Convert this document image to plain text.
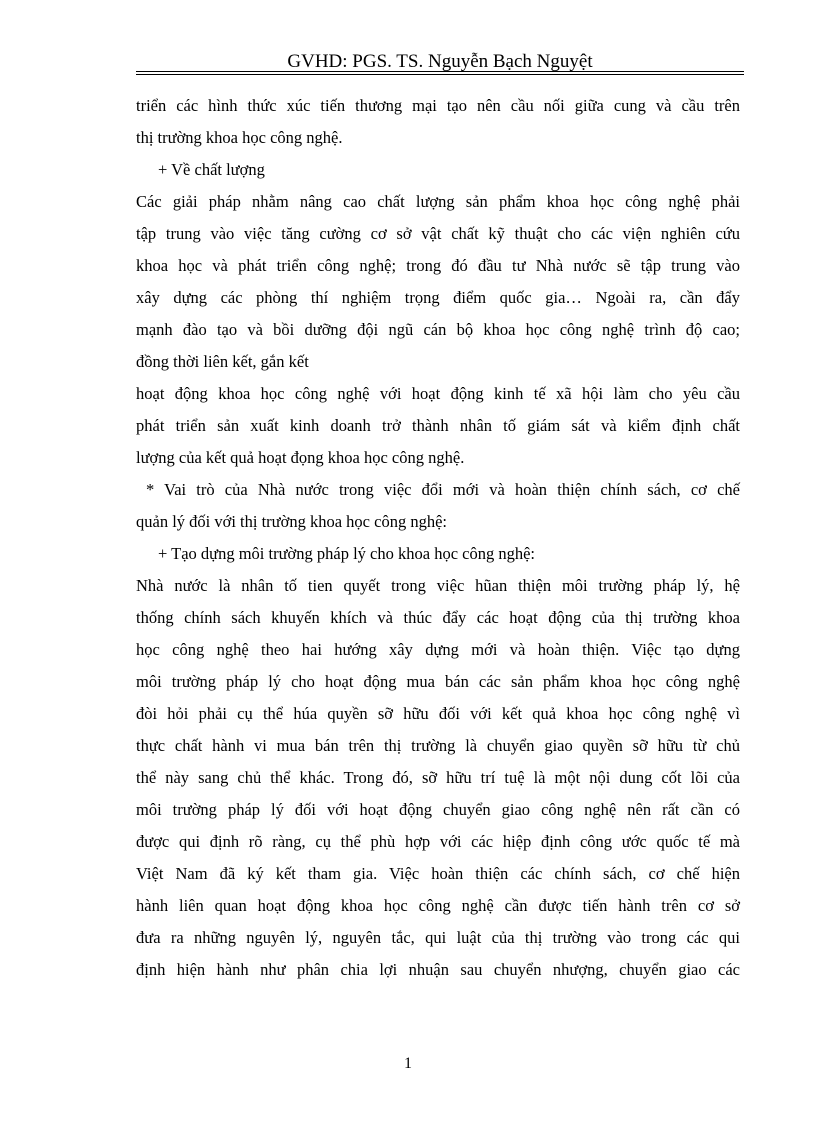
GVHD: PGS. TS. Nguyễn Bạch Nguyệt
triển các hình thức xúc tiến thương mại tạo nên cầu nối giữa cung và cầu trên
thị trường khoa học công nghệ.
+ Về chất lượng
Các giải pháp nhằm nâng cao chất lượng sản phẩm khoa học công nghệ phải
tập trung vào việc tăng cường cơ sở vật chất kỹ thuật cho các viện nghiên cứu
khoa học và phát triển công nghệ; trong đó đầu tư Nhà nước sẽ tập trung vào
xây dựng các phòng thí nghiệm trọng điểm quốc gia… Ngoài ra, cần đẩy
mạnh đào tạo và bồi dưỡng đội ngũ cán bộ khoa học công nghệ trình độ cao;
đồng thời liên kết, gắn kết
hoạt động khoa học công nghệ với hoạt động kinh tế xã hội làm cho yêu cầu
phát triển sản xuất kinh doanh trở thành nhân tố giám sát và kiểm định chất
lượng của kết quả hoạt đọng khoa học công nghệ.
* Vai trò của Nhà nước trong việc đổi mới và hoàn thiện chính sách, cơ chế
quản lý đối với thị trường khoa học công nghệ:
+ Tạo dựng môi trường pháp lý cho khoa học công nghệ:
Nhà nước là nhân tố tien quyết trong việc hũan thiện môi trường pháp lý, hệ
thống chính sách khuyến khích và thúc đẩy các hoạt động của thị trường khoa
học công nghệ theo hai hướng xây dựng mới và hoàn thiện. Việc tạo dựng
môi trường pháp lý cho hoạt động mua bán các sản phẩm khoa học công nghệ
đòi hỏi phải cụ thể húa quyền sỡ hữu đối với kết quả khoa học công nghệ vì
thực chất hành vi mua bán trên thị trường là chuyển giao quyền sỡ hữu từ chủ
thể này sang chủ thể khác. Trong đó, sỡ hữu trí tuệ là một nội dung cốt lõi của
môi trường pháp lý đối với hoạt động chuyển giao công nghệ nên rất cần có
được qui định rõ ràng, cụ thể phù hợp với các hiệp định công ước quốc tế mà
Việt Nam đã ký kết tham gia. Việc hoàn thiện các chính sách, cơ chế hiện
hành liên quan hoạt động khoa học công nghệ cần được tiến hành trên cơ sở
đưa ra những nguyên lý, nguyên tắc, qui luật của thị trường vào trong các qui
định hiện hành như phân chia lợi nhuận sau chuyển nhượng, chuyển giao các
1
